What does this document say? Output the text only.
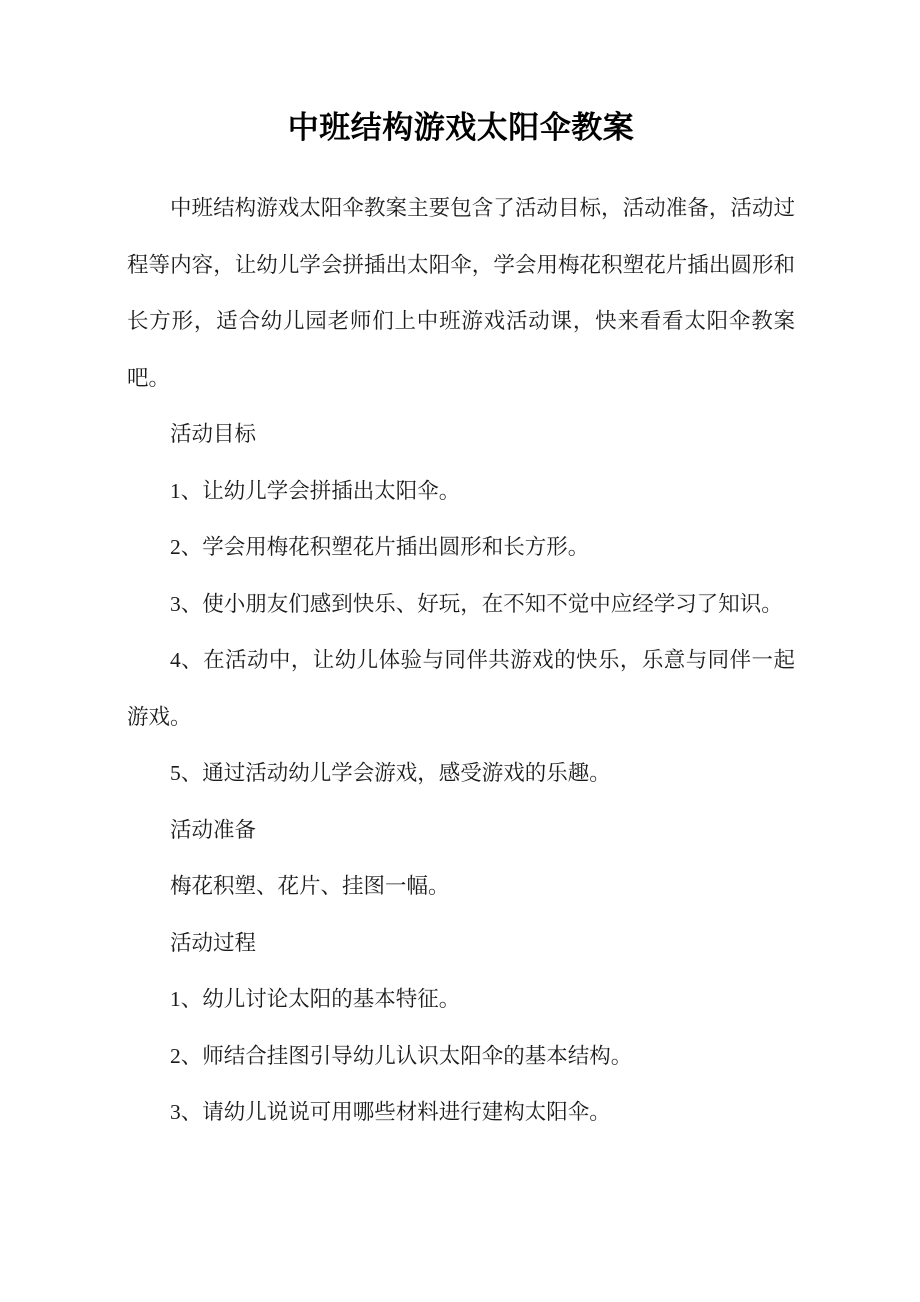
中班结构游戏太阳伞教案

中班结构游戏太阳伞教案主要包含了活动目标，活动准备，活动过程等内容，让幼儿学会拼插出太阳伞，学会用梅花积塑花片插出圆形和长方形，适合幼儿园老师们上中班游戏活动课，快来看看太阳伞教案吧。

活动目标

1、让幼儿学会拼插出太阳伞。

2、学会用梅花积塑花片插出圆形和长方形。

3、使小朋友们感到快乐、好玩，在不知不觉中应经学习了知识。

4、在活动中，让幼儿体验与同伴共游戏的快乐，乐意与同伴一起游戏。

5、通过活动幼儿学会游戏，感受游戏的乐趣。

活动准备

梅花积塑、花片、挂图一幅。

活动过程

1、幼儿讨论太阳的基本特征。

2、师结合挂图引导幼儿认识太阳伞的基本结构。

3、请幼儿说说可用哪些材料进行建构太阳伞。
